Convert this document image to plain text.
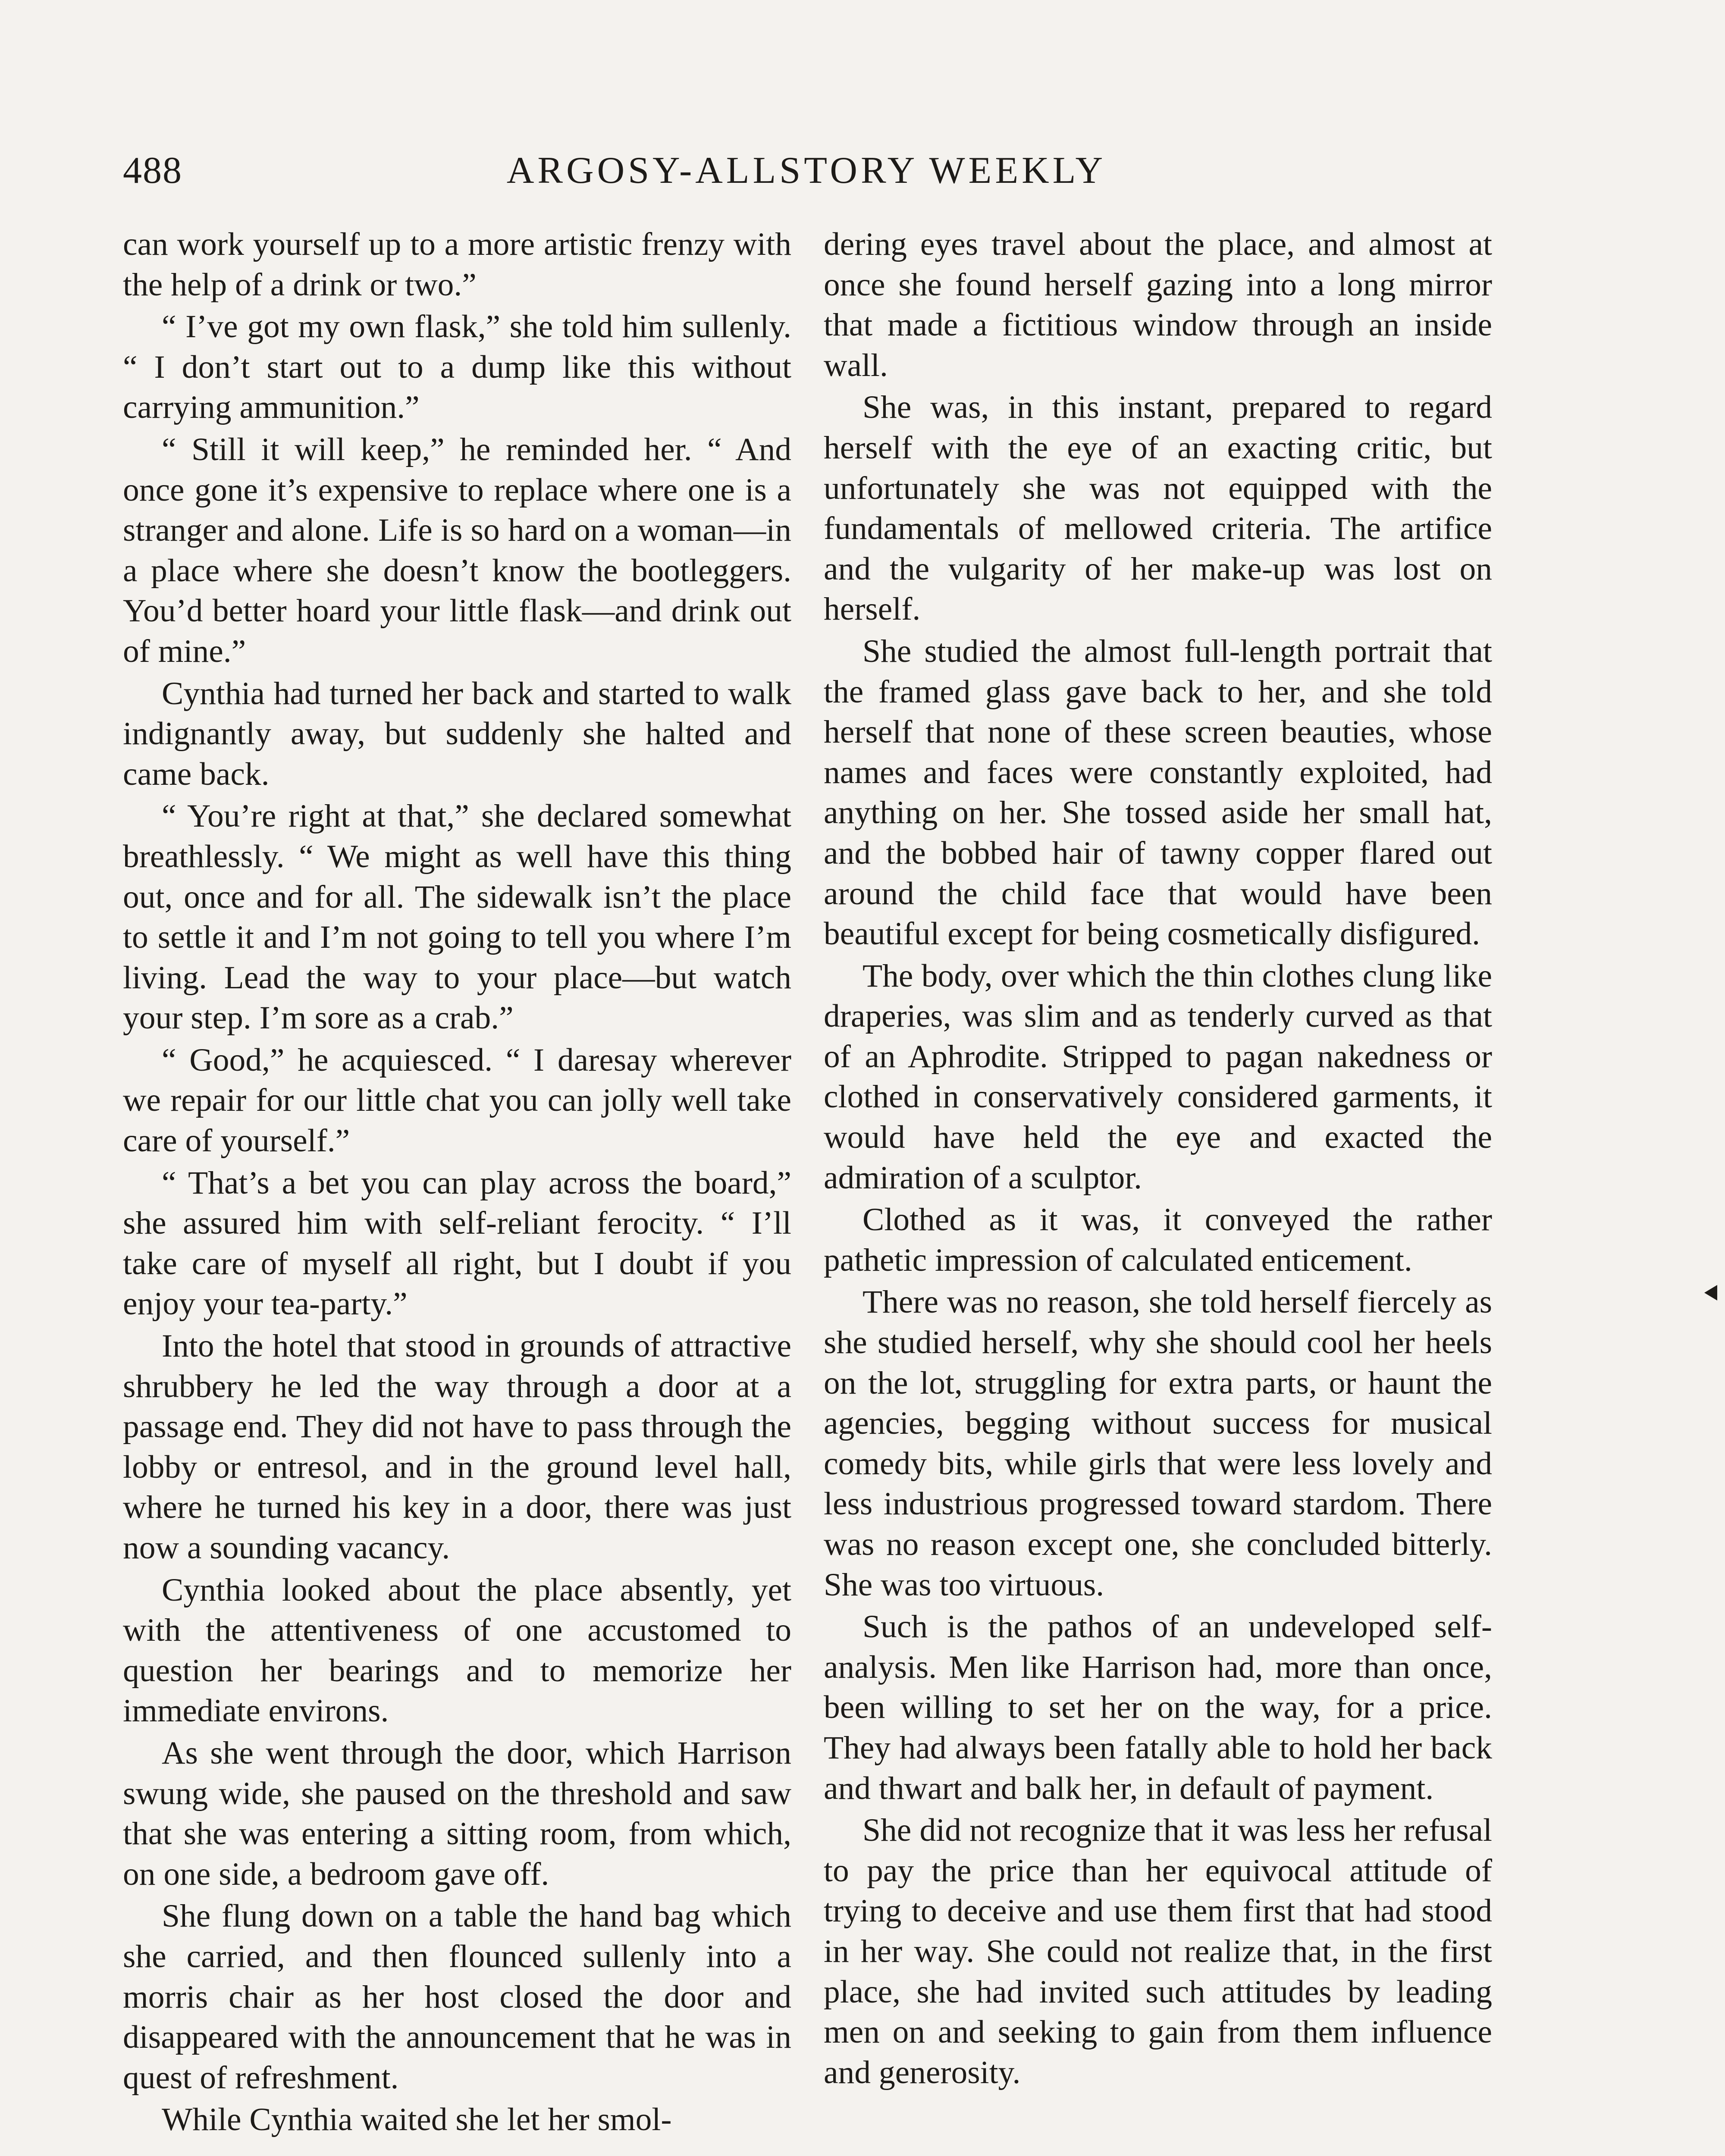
488	ARGOSY-ALLSTORY WEEKLY

can work yourself up to a more artistic frenzy with the help of a drink or two.”

“ I’ve got my own flask,” she told him sullenly. “ I don’t start out to a dump like this without carrying ammunition.”

“ Still it will keep,” he reminded her. “ And once gone it’s expensive to replace where one is a stranger and alone. Life is so hard on a woman—in a place where she doesn’t know the bootleggers. You’d better hoard your little flask—and drink out of mine.”

Cynthia had turned her back and started to walk indignantly away, but suddenly she halted and came back.

“ You’re right at that,” she declared somewhat breathlessly. “ We might as well have this thing out, once and for all. The sidewalk isn’t the place to settle it and I’m not going to tell you where I’m living. Lead the way to your place—but watch your step. I’m sore as a crab.”

“ Good,” he acquiesced. “ I daresay wherever we repair for our little chat you can jolly well take care of yourself.”

“ That’s a bet you can play across the board,” she assured him with self-reliant ferocity. “ I’ll take care of myself all right, but I doubt if you enjoy your tea-party.”

Into the hotel that stood in grounds of attractive shrubbery he led the way through a door at a passage end. They did not have to pass through the lobby or entresol, and in the ground level hall, where he turned his key in a door, there was just now a sounding vacancy.

Cynthia looked about the place absently, yet with the attentiveness of one accustomed to question her bearings and to memorize her immediate environs.

As she went through the door, which Harrison swung wide, she paused on the threshold and saw that she was entering a sitting room, from which, on one side, a bedroom gave off.

She flung down on a table the hand bag which she carried, and then flounced sullenly into a morris chair as her host closed the door and disappeared with the announcement that he was in quest of refreshment.

While Cynthia waited she let her smol-

dering eyes travel about the place, and almost at once she found herself gazing into a long mirror that made a fictitious window through an inside wall.

She was, in this instant, prepared to regard herself with the eye of an exacting critic, but unfortunately she was not equipped with the fundamentals of mellowed criteria. The artifice and the vulgarity of her make-up was lost on herself.

She studied the almost full-length portrait that the framed glass gave back to her, and she told herself that none of these screen beauties, whose names and faces were constantly exploited, had anything on her. She tossed aside her small hat, and the bobbed hair of tawny copper flared out around the child face that would have been beautiful except for being cosmetically disfigured.

The body, over which the thin clothes clung like draperies, was slim and as tenderly curved as that of an Aphrodite. Stripped to pagan nakedness or clothed in conservatively considered garments, it would have held the eye and exacted the admiration of a sculptor.

Clothed as it was, it conveyed the rather pathetic impression of calculated enticement.

There was no reason, she told herself fiercely as she studied herself, why she should cool her heels on the lot, struggling for extra parts, or haunt the agencies, begging without success for musical comedy bits, while girls that were less lovely and less industrious progressed toward stardom. There was no reason except one, she concluded bitterly. She was too virtuous.

Such is the pathos of an undeveloped self-analysis. Men like Harrison had, more than once, been willing to set her on the way, for a price. They had always been fatally able to hold her back and thwart and balk her, in default of payment.

She did not recognize that it was less her refusal to pay the price than her equivocal attitude of trying to deceive and use them first that had stood in her way. She could not realize that, in the first place, she had invited such attitudes by leading men on and seeking to gain from them influence and generosity.
